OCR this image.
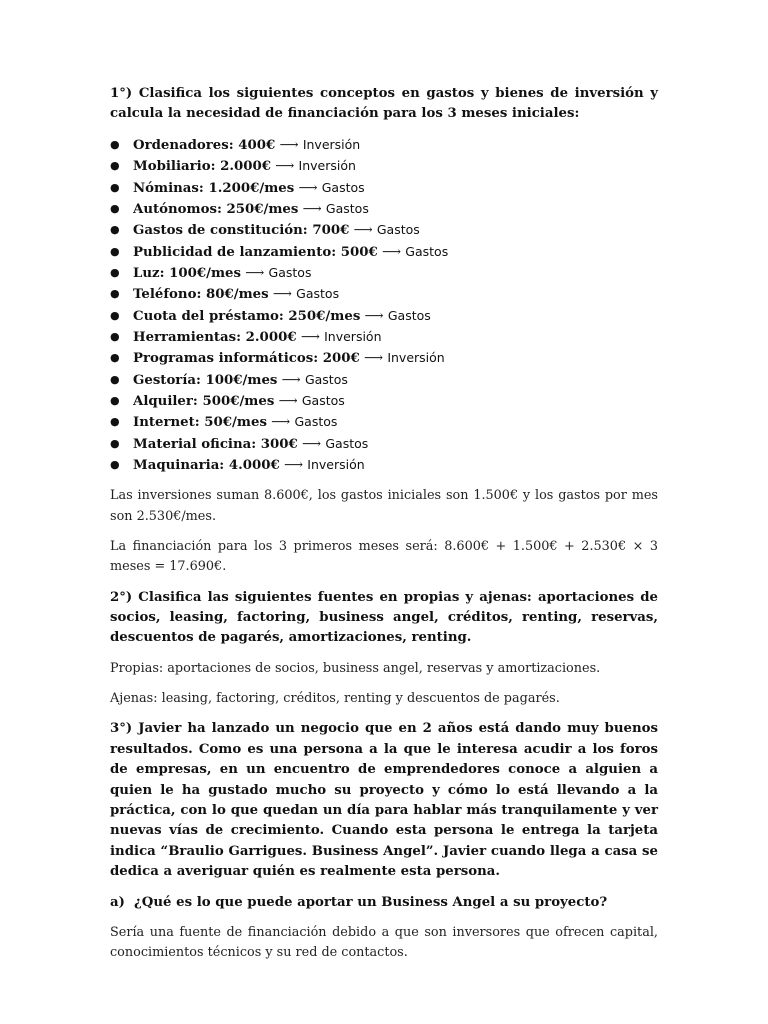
1°) Clasifica los siguientes conceptos en gastos y bienes de inversión y calcula la necesidad de financiación para los 3 meses iniciales:

● Ordenadores: 400€ ⟶ Inversión
● Mobiliario: 2.000€ ⟶ Inversión
● Nóminas: 1.200€/mes ⟶ Gastos
● Autónomos: 250€/mes ⟶ Gastos
● Gastos de constitución: 700€ ⟶ Gastos
● Publicidad de lanzamiento: 500€ ⟶ Gastos
● Luz: 100€/mes ⟶ Gastos
● Teléfono: 80€/mes ⟶ Gastos
● Cuota del préstamo: 250€/mes ⟶ Gastos
● Herramientas: 2.000€ ⟶ Inversión
● Programas informáticos: 200€ ⟶ Inversión
● Gestoría: 100€/mes ⟶ Gastos
● Alquiler: 500€/mes ⟶ Gastos
● Internet: 50€/mes ⟶ Gastos
● Material oficina: 300€ ⟶ Gastos
● Maquinaria: 4.000€ ⟶ Inversión

Las inversiones suman 8.600€, los gastos iniciales son 1.500€ y los gastos por mes son 2.530€/mes.

La financiación para los 3 primeros meses será: 8.600€ + 1.500€ + 2.530€ × 3 meses = 17.690€.

2°) Clasifica las siguientes fuentes en propias y ajenas: aportaciones de socios, leasing, factoring, business angel, créditos, renting, reservas, descuentos de pagarés, amortizaciones, renting.

Propias: aportaciones de socios, business angel, reservas y amortizaciones.

Ajenas: leasing, factoring, créditos, renting y descuentos de pagarés.

3°) Javier ha lanzado un negocio que en 2 años está dando muy buenos resultados. Como es una persona a la que le interesa acudir a los foros de empresas, en un encuentro de emprendedores conoce a alguien a quien le ha gustado mucho su proyecto y cómo lo está llevando a la práctica, con lo que quedan un día para hablar más tranquilamente y ver nuevas vías de crecimiento. Cuando esta persona le entrega la tarjeta indica “Braulio Garrigues. Business Angel”. Javier cuando llega a casa se dedica a averiguar quién es realmente esta persona.

a) ¿Qué es lo que puede aportar un Business Angel a su proyecto?

Sería una fuente de financiación debido a que son inversores que ofrecen capital, conocimientos técnicos y su red de contactos.
